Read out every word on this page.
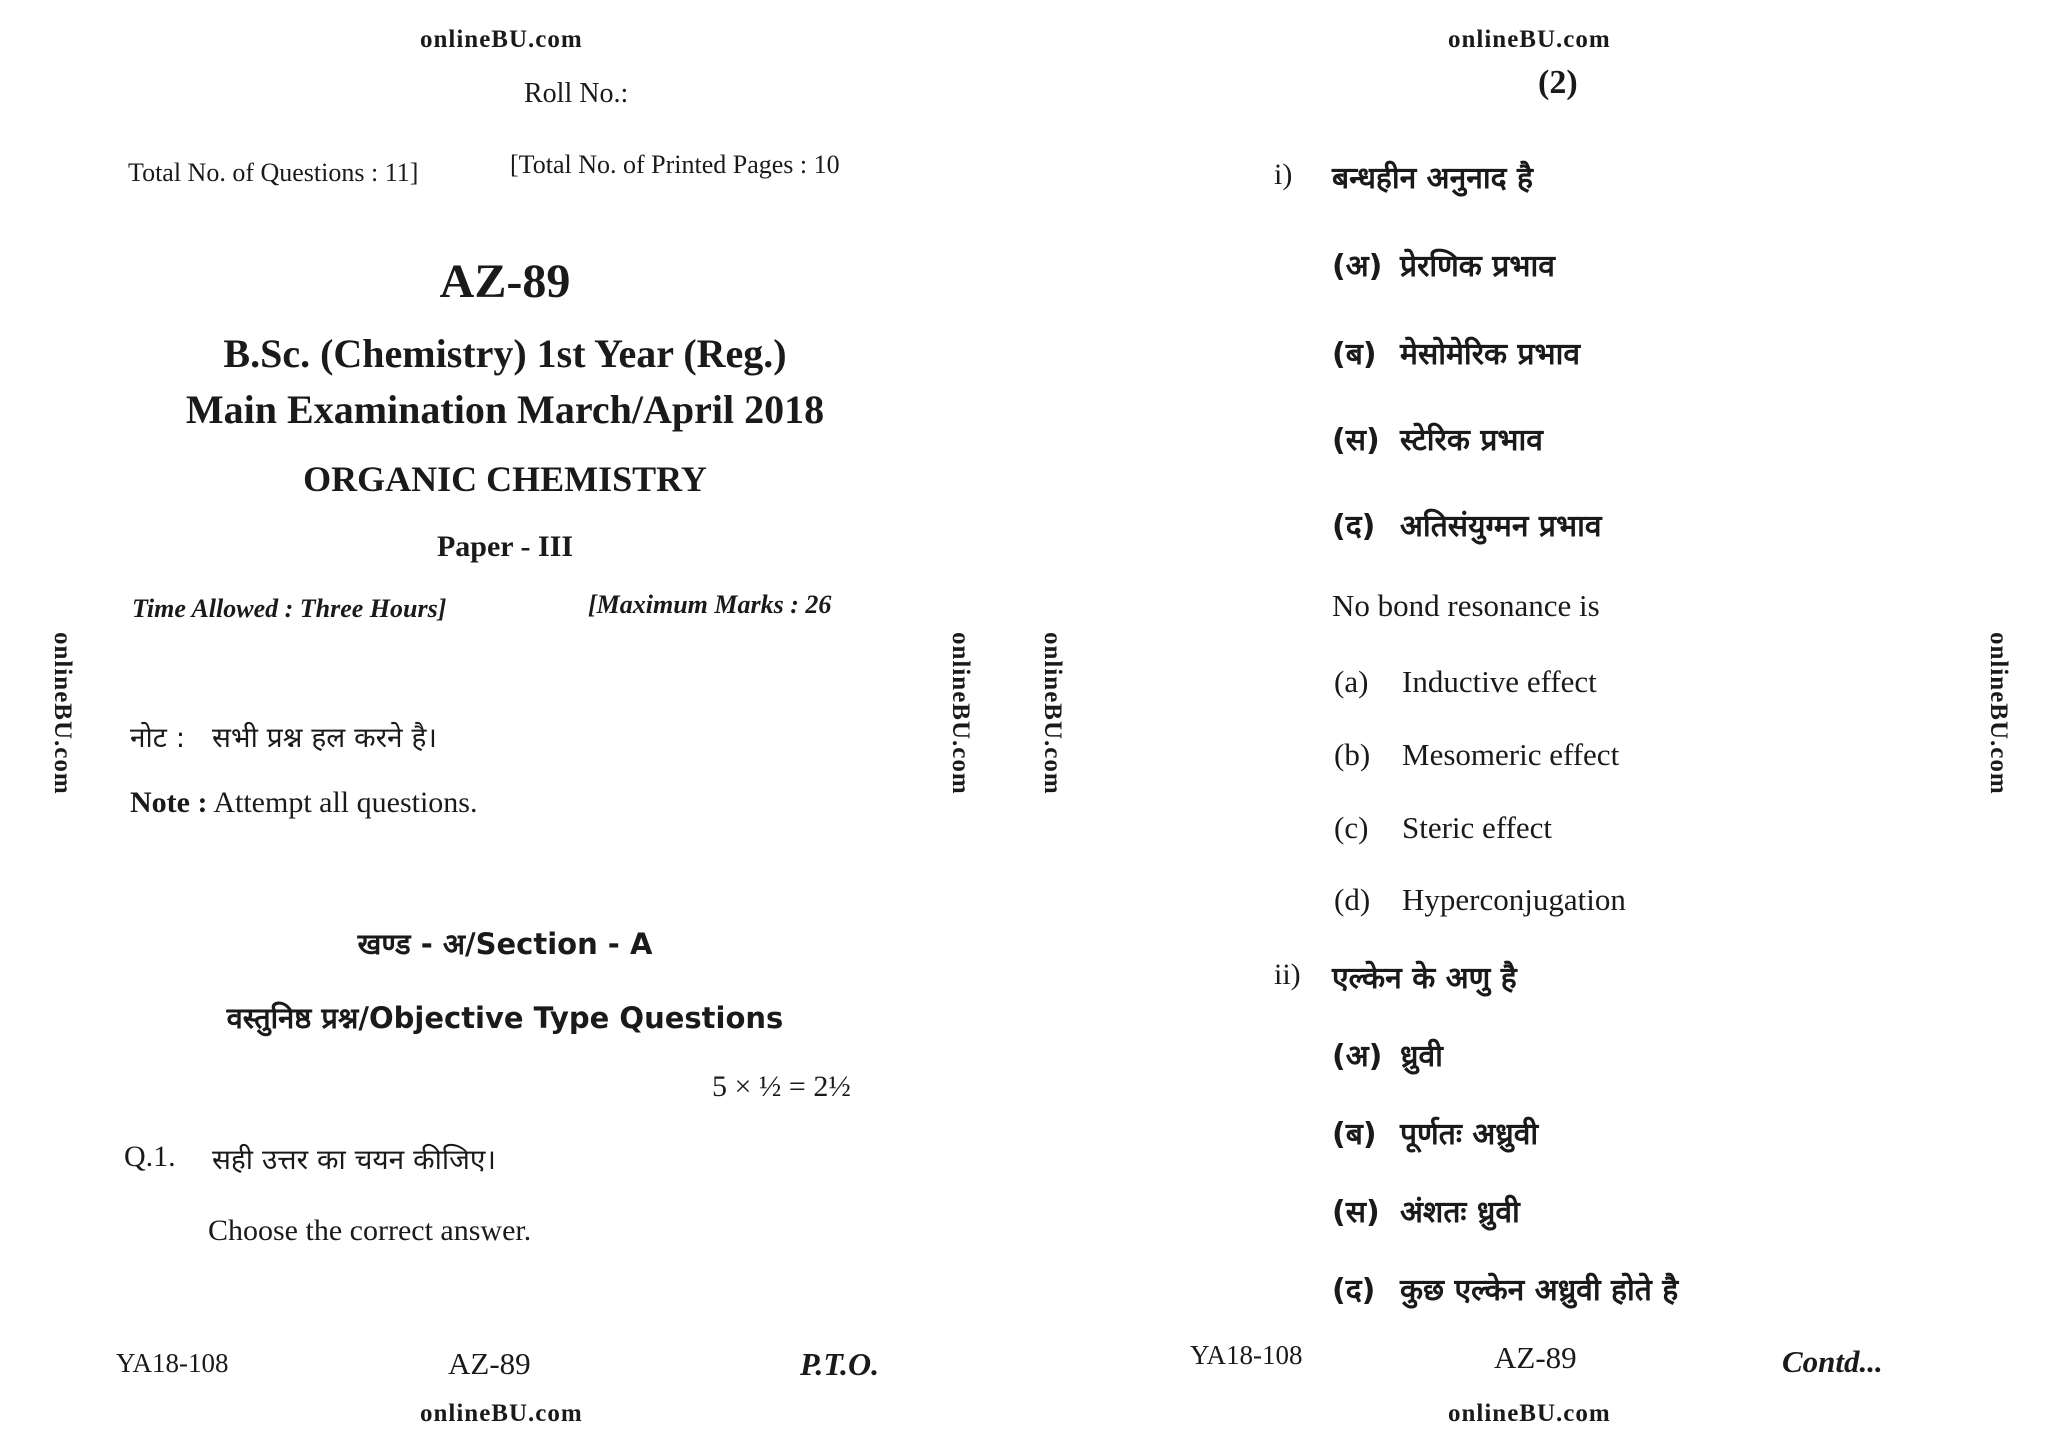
onlineBU.com
Roll No.:
Total No. of Questions : 11]	[Total No. of Printed Pages : 10
AZ-89
B.Sc. (Chemistry) 1st Year (Reg.)
Main Examination March/April 2018
ORGANIC CHEMISTRY
Paper - III
Time Allowed : Three Hours]	[Maximum Marks : 26
onlineBU.com	onlineBU.com
नोट : सभी प्रश्न हल करने है।
Note : Attempt all questions.
खण्ड - अ/Section - A
वस्तुनिष्ठ प्रश्न/Objective Type Questions
5 × ½ = 2½
Q.1. सही उत्तर का चयन कीजिए।
Choose the correct answer.
YA18-108	AZ-89	P.T.O.
onlineBU.com
onlineBU.com
(2)
onlineBU.com	onlineBU.com
i) बन्धहीन अनुनाद है
(अ) प्रेरणिक प्रभाव
(ब) मेसोमेरिक प्रभाव
(स) स्टेरिक प्रभाव
(द) अतिसंयुग्मन प्रभाव
No bond resonance is
(a) Inductive effect
(b) Mesomeric effect
(c) Steric effect
(d) Hyperconjugation
ii) एल्केन के अणु है
(अ) ध्रुवी
(ब) पूर्णतः अध्रुवी
(स) अंशतः ध्रुवी
(द) कुछ एल्केन अध्रुवी होते है
YA18-108	AZ-89	Contd...
onlineBU.com
